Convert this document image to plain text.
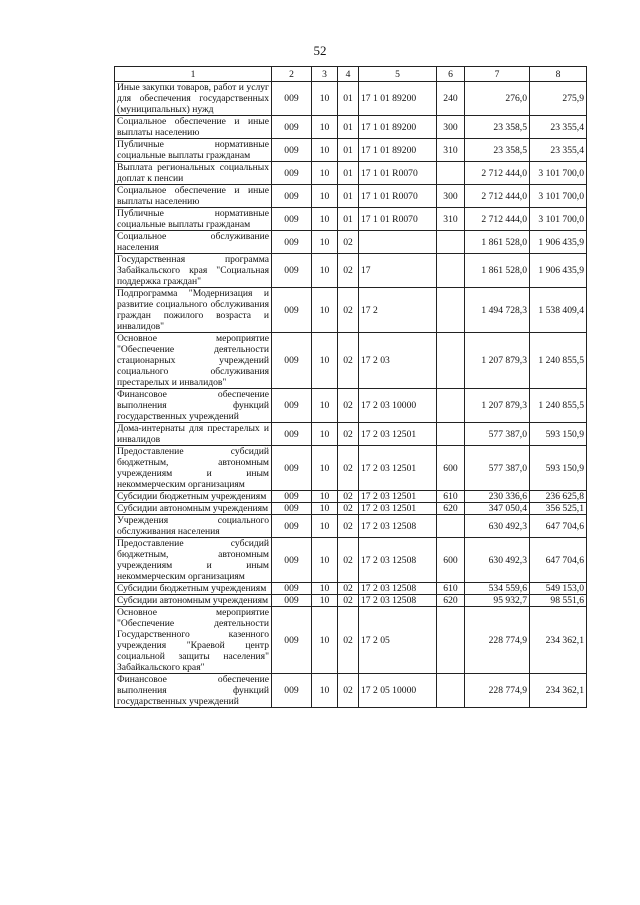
52
1	2	3	4	5	6	7	8
Иные закупки товаров, работ и услуг для обеспечения государственных (муниципальных) нужд	009	10	01	17 1 01 89200	240	276,0	275,9
Социальное обеспечение и иные выплаты населению	009	10	01	17 1 01 89200	300	23 358,5	23 355,4
Публичные нормативные социальные выплаты гражданам	009	10	01	17 1 01 89200	310	23 358,5	23 355,4
Выплата региональных социальных доплат к пенсии	009	10	01	17 1 01 R0070		2 712 444,0	3 101 700,0
Социальное обеспечение и иные выплаты населению	009	10	01	17 1 01 R0070	300	2 712 444,0	3 101 700,0
Публичные нормативные социальные выплаты гражданам	009	10	01	17 1 01 R0070	310	2 712 444,0	3 101 700,0
Социальное обслуживание населения	009	10	02			1 861 528,0	1 906 435,9
Государственная программа Забайкальского края "Социальная поддержка граждан"	009	10	02	17		1 861 528,0	1 906 435,9
Подпрограмма "Модернизация и развитие социального обслуживания граждан пожилого возраста и инвалидов"	009	10	02	17 2		1 494 728,3	1 538 409,4
Основное мероприятие "Обеспечение деятельности стационарных учреждений социального обслуживания престарелых и инвалидов"	009	10	02	17 2 03		1 207 879,3	1 240 855,5
Финансовое обеспечение выполнения функций государственных учреждений	009	10	02	17 2 03 10000		1 207 879,3	1 240 855,5
Дома-интернаты для престарелых и инвалидов	009	10	02	17 2 03 12501		577 387,0	593 150,9
Предоставление субсидий бюджетным, автономным учреждениям и иным некоммерческим организациям	009	10	02	17 2 03 12501	600	577 387,0	593 150,9
Субсидии бюджетным учреждениям	009	10	02	17 2 03 12501	610	230 336,6	236 625,8
Субсидии автономным учреждениям	009	10	02	17 2 03 12501	620	347 050,4	356 525,1
Учреждения социального обслуживания населения	009	10	02	17 2 03 12508		630 492,3	647 704,6
Предоставление субсидий бюджетным, автономным учреждениям и иным некоммерческим организациям	009	10	02	17 2 03 12508	600	630 492,3	647 704,6
Субсидии бюджетным учреждениям	009	10	02	17 2 03 12508	610	534 559,6	549 153,0
Субсидии автономным учреждениям	009	10	02	17 2 03 12508	620	95 932,7	98 551,6
Основное мероприятие "Обеспечение деятельности Государственного казенного учреждения "Краевой центр социальной защиты населения" Забайкальского края"	009	10	02	17 2 05		228 774,9	234 362,1
Финансовое обеспечение выполнения функций государственных учреждений	009	10	02	17 2 05 10000		228 774,9	234 362,1
